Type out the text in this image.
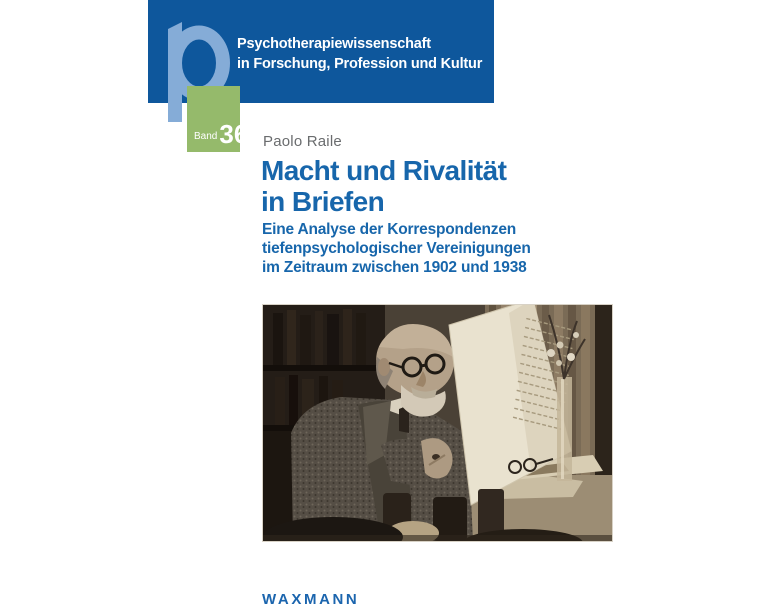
Psychotherapiewissenschaft
in Forschung, Profession und Kultur
Band 36 Paolo Raile
Macht und Rivalität
in Briefen
Eine Analyse der Korrespondenzen
tiefenpsychologischer Vereinigungen
im Zeitraum zwischen 1902 und 1938
WAXMANN
